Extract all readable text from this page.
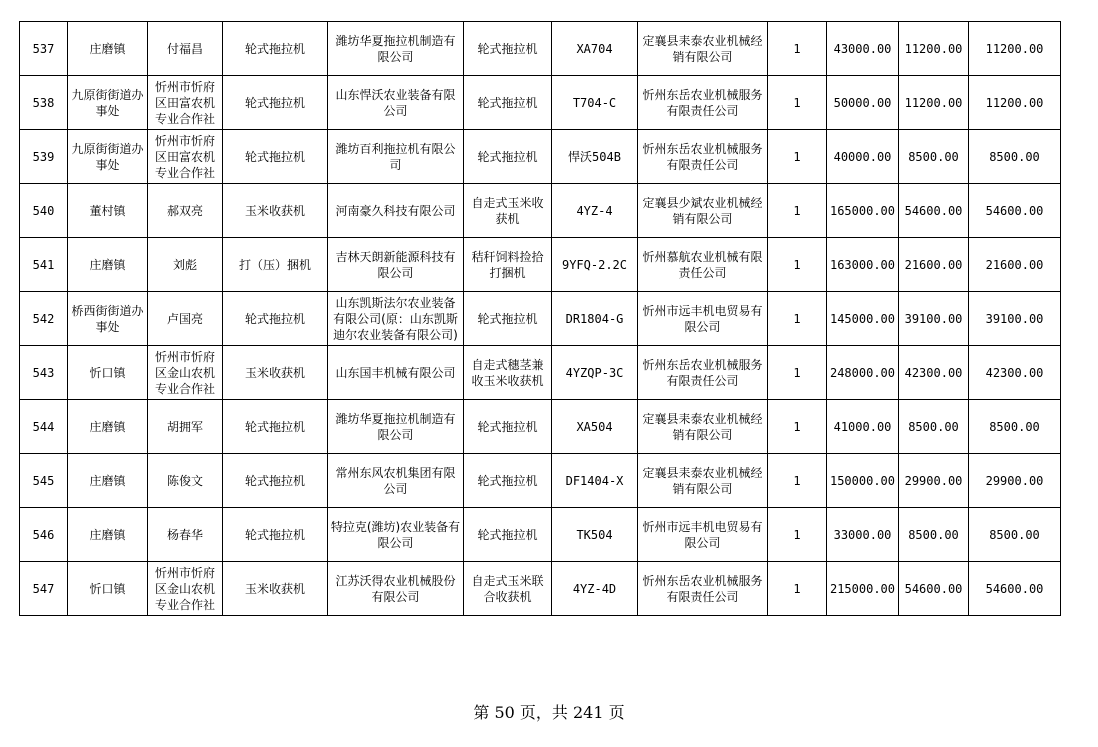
537	庄磨镇	付福昌	轮式拖拉机	潍坊华夏拖拉机制造有限公司	轮式拖拉机	XA704	定襄县耒泰农业机械经销有限公司	1	43000.00	11200.00	11200.00

538	九原街街道办事处	忻州市忻府区田富农机专业合作社	轮式拖拉机	山东悍沃农业装备有限公司	轮式拖拉机	T704-C	忻州东岳农业机械服务有限责任公司	1	50000.00	11200.00	11200.00

539	九原街街道办事处	忻州市忻府区田富农机专业合作社	轮式拖拉机	潍坊百利拖拉机有限公司	轮式拖拉机	悍沃504B	忻州东岳农业机械服务有限责任公司	1	40000.00	8500.00	8500.00

540	董村镇	郝双亮	玉米收获机	河南豪久科技有限公司	自走式玉米收获机	4YZ-4	定襄县少斌农业机械经销有限公司	1	165000.00	54600.00	54600.00

541	庄磨镇	刘彪	打（压）捆机	吉林天朗新能源科技有限公司	秸秆饲料捡拾打捆机	9YFQ-2.2C	忻州慕航农业机械有限责任公司	1	163000.00	21600.00	21600.00

542	桥西街街道办事处	卢国亮	轮式拖拉机	山东凯斯法尔农业装备有限公司(原：山东凯斯迪尔农业装备有限公司)	轮式拖拉机	DR1804-G	忻州市远丰机电贸易有限公司	1	145000.00	39100.00	39100.00

543	忻口镇	忻州市忻府区金山农机专业合作社	玉米收获机	山东国丰机械有限公司	自走式穗茎兼收玉米收获机	4YZQP-3C	忻州东岳农业机械服务有限责任公司	1	248000.00	42300.00	42300.00

544	庄磨镇	胡拥军	轮式拖拉机	潍坊华夏拖拉机制造有限公司	轮式拖拉机	XA504	定襄县耒泰农业机械经销有限公司	1	41000.00	8500.00	8500.00

545	庄磨镇	陈俊文	轮式拖拉机	常州东风农机集团有限公司	轮式拖拉机	DF1404-X	定襄县耒泰农业机械经销有限公司	1	150000.00	29900.00	29900.00

546	庄磨镇	杨春华	轮式拖拉机	特拉克(潍坊)农业装备有限公司	轮式拖拉机	TK504	忻州市远丰机电贸易有限公司	1	33000.00	8500.00	8500.00

547	忻口镇	忻州市忻府区金山农机专业合作社	玉米收获机	江苏沃得农业机械股份有限公司	自走式玉米联合收获机	4YZ-4D	忻州东岳农业机械服务有限责任公司	1	215000.00	54600.00	54600.00
第 50 页，共 241 页
